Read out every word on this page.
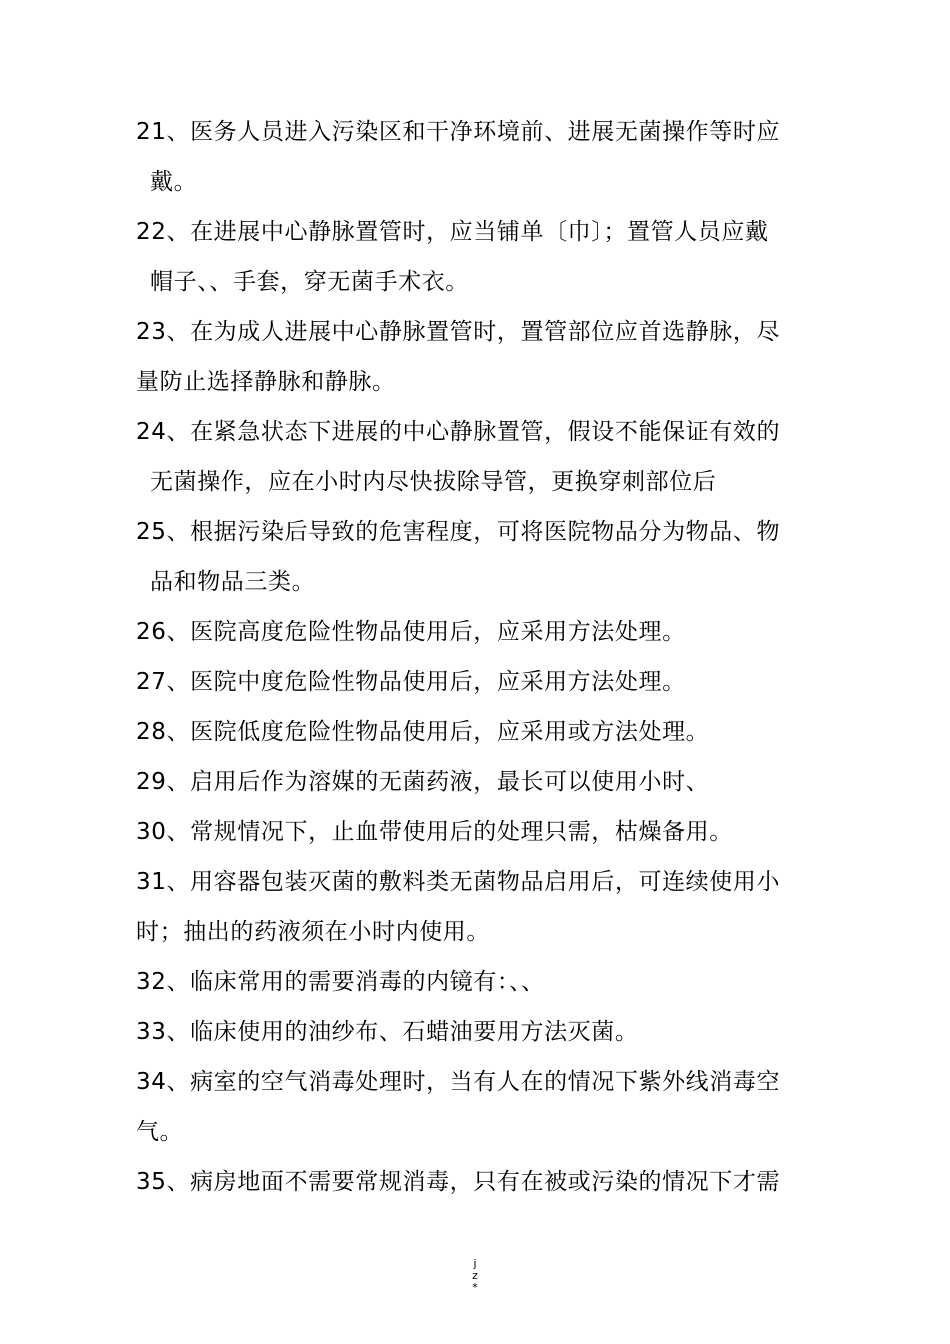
21、医务人员进入污染区和干净环境前、进展无菌操作等时应
戴。
22、在进展中心静脉置管时，应当铺单〔巾〕；置管人员应戴
帽子、、手套，穿无菌手术衣。
23、在为成人进展中心静脉置管时，置管部位应首选静脉，尽
量防止选择静脉和静脉。
24、在紧急状态下进展的中心静脉置管，假设不能保证有效的
无菌操作，应在小时内尽快拔除导管，更换穿刺部位后
25、根据污染后导致的危害程度，可将医院物品分为物品、物
品和物品三类。
26、医院高度危险性物品使用后，应采用方法处理。
27、医院中度危险性物品使用后，应采用方法处理。
28、医院低度危险性物品使用后，应采用或方法处理。
29、启用后作为溶媒的无菌药液，最长可以使用小时、
30、常规情况下，止血带使用后的处理只需，枯燥备用。
31、用容器包装灭菌的敷料类无菌物品启用后，可连续使用小
时；抽出的药液须在小时内使用。
32、临床常用的需要消毒的内镜有：、、
33、临床使用的油纱布、石蜡油要用方法灭菌。
34、病室的空气消毒处理时，当有人在的情况下紫外线消毒空
气。
35、病房地面不需要常规消毒，只有在被或污染的情况下才需
j
z
*
